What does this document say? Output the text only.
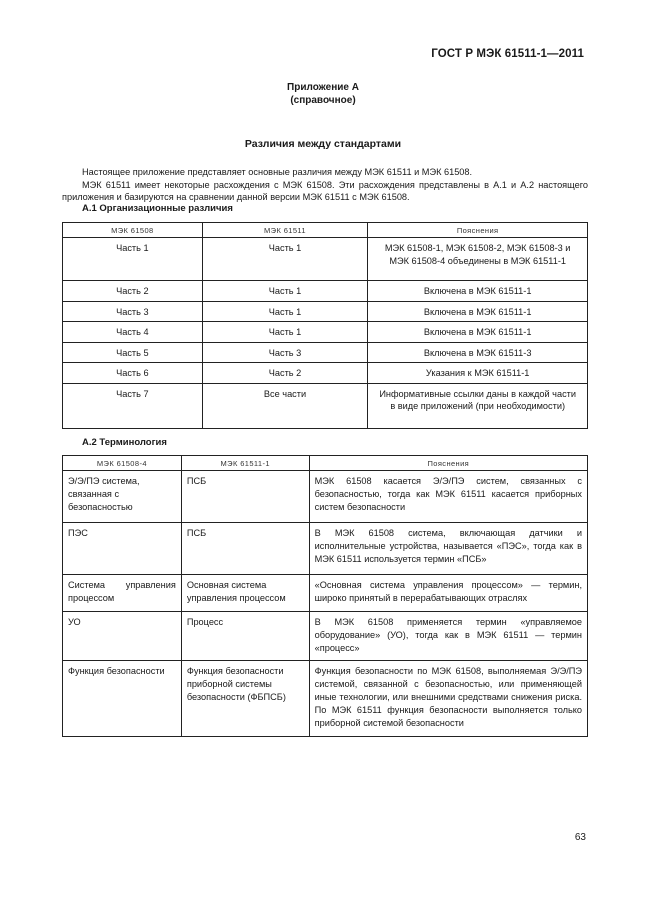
ГОСТ Р МЭК 61511-1—2011
Приложение А
(справочное)
Различия между стандартами

Настоящее приложение представляет основные различия между МЭК 61511 и МЭК 61508.

МЭК 61511 имеет некоторые расхождения с МЭК 61508. Эти расхождения представлены в А.1 и А.2 настоящего приложения и базируются на сравнении данной версии МЭК 61511 с МЭК 61508.

А.1 Организационные различия
МЭК 61508	МЭК 61511	Пояснения
Часть 1	Часть 1	МЭК 61508-1, МЭК 61508-2, МЭК 61508-3 и МЭК 61508-4 объединены в МЭК 61511-1
Часть 2	Часть 1	Включена в МЭК 61511-1
Часть 3	Часть 1	Включена в МЭК 61511-1
Часть 4	Часть 1	Включена в МЭК 61511-1
Часть 5	Часть 3	Включена в МЭК 61511-3
Часть 6	Часть 2	Указания к МЭК 61511-1
Часть 7	Все части	Информативные ссылки даны в каждой части в виде приложений (при необходимости)
А.2 Терминология
МЭК 61508-4	МЭК 61511-1	Пояснения
Э/Э/ПЭ система, связанная с безопасностью	ПСБ	МЭК 61508 касается Э/Э/ПЭ систем, связанных с безопасностью, тогда как МЭК 61511 касается приборных систем безопасности
ПЭС	ПСБ	В МЭК 61508 система, включающая датчики и исполнительные устройства, называется «ПЭС», тогда как в МЭК 61511 используется термин «ПСБ»
Система управления процессом	Основная система управления процессом	«Основная система управления процессом» — термин, широко принятый в перерабатывающих отраслях
УО	Процесс	В МЭК 61508 применяется термин «управляемое оборудование» (УО), тогда как в МЭК 61511 — термин «процесс»
Функция безопасности	Функция безопасности приборной системы безопасности (ФБПСБ)	Функция безопасности по МЭК 61508, выполняемая Э/Э/ПЭ системой, связанной с безопасностью, или применяющей иные технологии, или внешними средствами снижения риска. По МЭК 61511 функция безопасности выполняется только приборной системой безопасности
63
